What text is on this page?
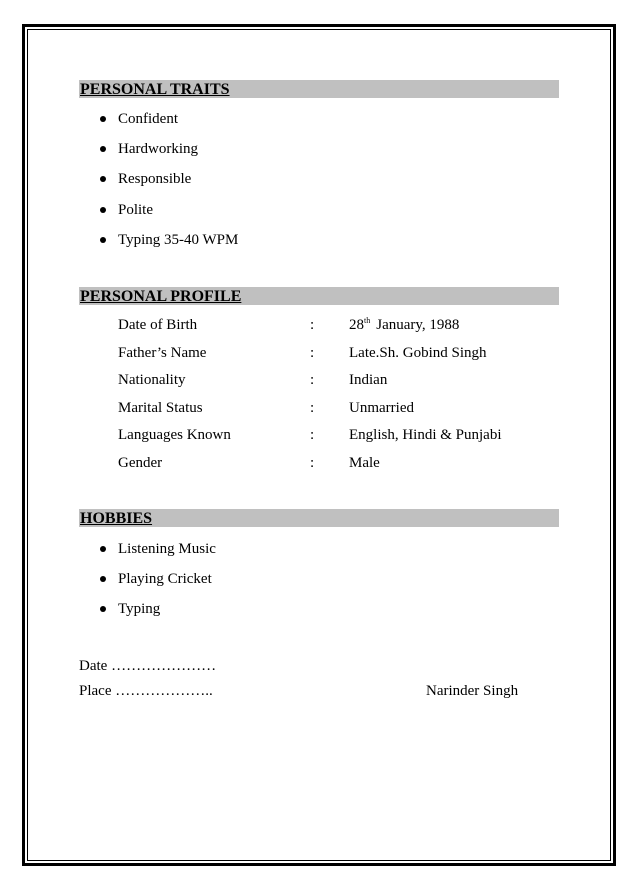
PERSONAL TRAITS
Confident
Hardworking
Responsible
Polite
Typing 35-40 WPM
PERSONAL PROFILE
Date of Birth	: 28th January, 1988
Father’s Name	: Late.Sh. Gobind Singh
Nationality	: Indian
Marital Status	: Unmarried
Languages Known	: English, Hindi & Punjabi
Gender	: Male
HOBBIES
Listening Music
Playing Cricket
Typing
Date …………………
Place ………………..	Narinder Singh
